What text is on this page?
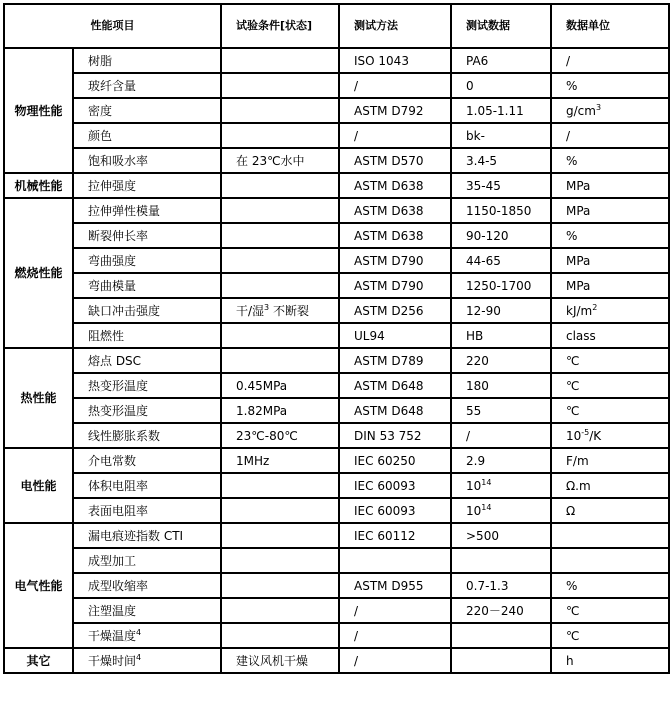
性能项目		试验条件[状态]	测试方法	测试数据	数据单位
物理性能	树脂		ISO 1043	PA6	/
	玻纤含量		/	0	%
	密度		ASTM D792	1.05-1.11	$g/cm^3$
	颜色		/	bk-	/
	饱和吸水率	在 23℃水中	ASTM D570	3.4-5	%
机械性能	拉伸强度		ASTM D638	35-45	MPa
燃烧性能	拉伸弹性模量		ASTM D638	1150-1850	MPa
	断裂伸长率		ASTM D638	90-120	%
	弯曲强度		ASTM D790	44-65	MPa
	弯曲模量		ASTM D790	1250-1700	MPa
	缺口冲击强度	干/湿$^3$ 不断裂	ASTM D256	12-90	$kJ/m^2$
	阻燃性		UL94	HB	class
热性能	熔点 DSC		ASTM D789	220	℃
	热变形温度	0.45MPa	ASTM D648	180	℃
	热变形温度	1.82MPa	ASTM D648	55	℃
	线性膨胀系数	23℃-80℃	DIN 53 752	/	$10^{-5}/K$
电性能	介电常数	1MHz	IEC 60250	2.9	F/m
	体积电阻率		IEC 60093	$10^{14}$	Ω.m
	表面电阻率		IEC 60093	$10^{14}$	Ω
电气性能	漏电痕迹指数 CTI		IEC 60112	>500	
	成型加工				
	成型收缩率		ASTM D955	0.7-1.3	%
	注塑温度		/	220－240	℃
	干燥温度$^4$		/		℃
其它	干燥时间$^4$	建议风机干燥	/		h
